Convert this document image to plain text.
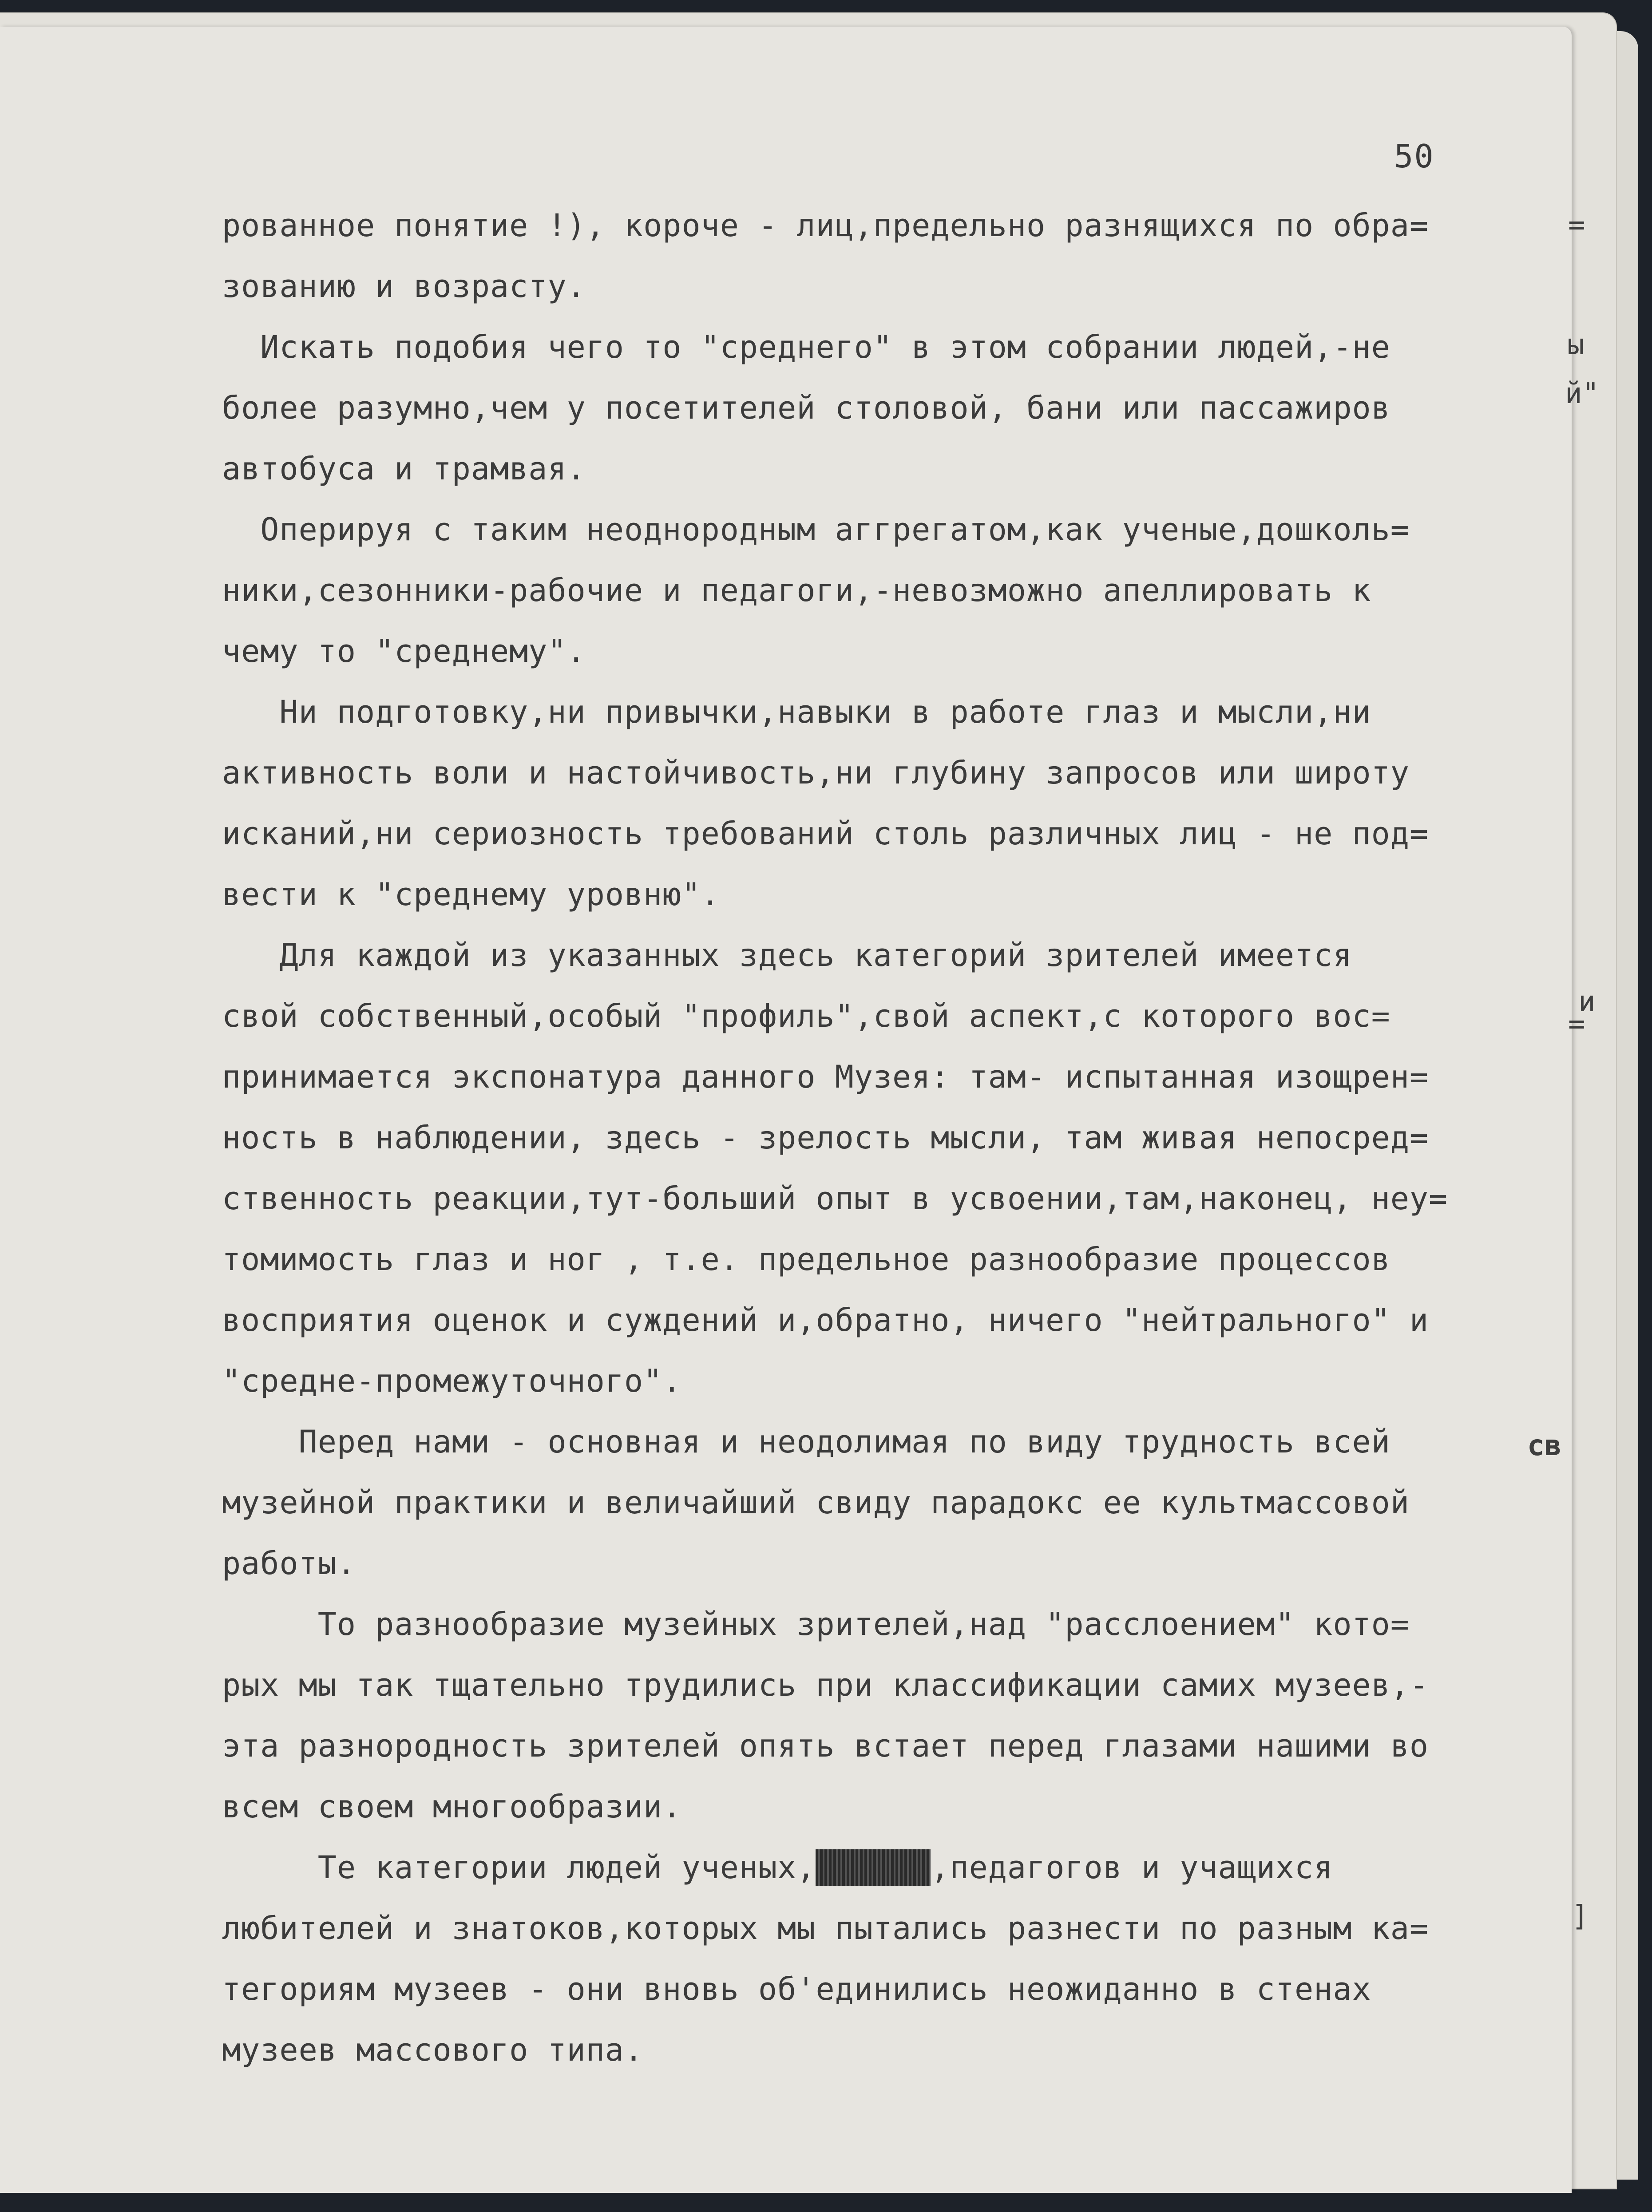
50
рованное понятие !), короче - лиц,предельно разнящихся по обра=
зованию и возрасту.
Искать подобия чего то "среднего" в этом собрании людей,-не
более разумно,чем у посетителей столовой, бани или пассажиров
автобуса и трамвая.
Оперируя с таким неоднородным аггрегатом,как ученые,дошколь=
ники,сезонники-рабочие и педагоги,-невозможно апеллировать к
чему то "среднему".
Ни подготовку,ни привычки,навыки в работе глаз и мысли,ни
активность воли и настойчивость,ни глубину запросов или широту
исканий,ни сериозность требований столь различных лиц - не под=
вести к "среднему уровню".
Для каждой из указанных здесь категорий зрителей имеется
свой собственный,особый "профиль",свой аспект,с которого вос=
принимается экспонатура данного Музея: там- испытанная изощрен=
ность в наблюдении, здесь - зрелость мысли, там живая непосред=
ственность реакции,тут-больший опыт в усвоении,там,наконец, неу=
томимость глаз и ног , т.е. предельное разнообразие процессов
восприятия оценок и суждений и,обратно, ничего "нейтрального" и
"средне-промежуточного".
Перед нами - основная и неодолимая по виду трудность всей
музейной практики и величайший свиду парадокс ее культмассовой
работы.
То разнообразие музейных зрителей,над "расслоением" кото=
рых мы так тщательно трудились при классификации самих музеев,-
эта разнородность зрителей опять встает перед глазами нашими во
всем своем многообразии.
Те категории людей ученых,	,педагогов и учащихся
любителей и знатоков,которых мы пытались разнести по разным ка=
тегориям музеев - они вновь об'единились неожиданно в стенах
музеев массового типа.
=
ы
й"
=
и
св
]
